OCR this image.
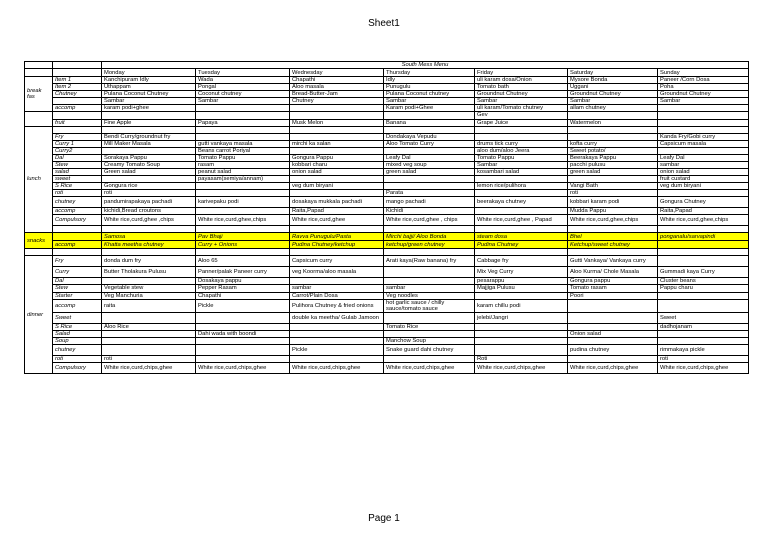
Sheet1
		South Mess Menu						
		Monday	Tuesday	Wednesday	Thursday	Friday	Saturday	Sunday
break fas	Item 1	Kanchipuram Idly	Wada	Chapathi	Idly	uli karam dosa/Onion	Mysore Bonda	Paneer /Corn Dosa
	Item 2	Uthappam	Pongal	Aloo masala	Punugulu	Tomato bath	Uggani	Poha
	Chutney	Pulana Coconut Chutney	Coconut chutney	Bread-Butter-Jam	Pulana Coconut chutney	Groundnut Chutney	Groundnut Chutney	Groundnut Chutney
		Sambar	Sambar	Chutney	Sambar	Sambar	Sambar	Sambar
	accomp	karam podi+ghee			Karam podi+Ghee	uli karam/Tomato chutney	allam chutney	
						Gev		
	fruit	Fine Apple	Papaya	Musk Melon	Banana	Grape Juice	Watermelon	
lunch								
	Fry	Bendi Curry/groundnut fry			Dondakaya Vepudu			Kanda Fry/Gobi curry
	Curry 1	Mill Maker Masala	gutti vankaya masala	mirchi ka salan	Aloo Tomato Curry	drums tick curry	kofta curry	Capsicum masala
	Curry2		Beans carrot Poriyal			aloo dum/aloo Jeera	Sweet potato/	
	Dal	Sorakaya Pappu	Tomato Pappu	Gongura Pappu	Leafy Dal	Tomato Pappu	Beerakaya Pappu	Leafy Dal
	Stew	Creamy Tomato Soup	rasam	kobbari charu	mixed veg soup	Sambar	pacchi pulusu	sambar
	salad	Green salad	peanut salad	onion salad	green salad	kosambari salad	green salad	onion salad
	sweet		payasam(semiya/annam)					fruit custard
	S Rice	Gongura rice		veg dum biryani		lemon rice/pulihora	Vangi Bath	veg dum biryani
	roti	roti			Parata		roti	
	chutney	pandumirapakaya pachadi	karivepaku podi	dosakaya mukkala pachadi	mango pachadi	beerakaya chutney	kobbari karam podi	Gongura Chutney
	accomp	kichidi,Bread croutons		Raita,Papad	Kichidi		Mudda Pappu	Raita,Papad
	Compulsory	White rice,curd,ghee ,chips	White rice,curd,ghee,chips	White rice,curd,ghee	White rice,curd,ghee , chips	White rice,curd,ghee , Papad	White rice,curd,ghee,chips	White rice,curd,ghee,chips

snacks		Samosa	Pav Bhaji	Ravva Punugulu/Pasta	Mirchi bajji/ Aloo Bonda	steam dosa	Bhel	ponganalu/sarvapindi
	accomp	Khatta meetha chutney	Curry + Onions	Pudina Chutney/ketchup	ketchup/green chutney	Pudina Chutney	Ketchup/sweet chutney	

dinner	Fry	donda dum fry	Aloo 65	Capsicum curry	Arati kaya(Raw banana) fry	Cabbage fry	Gutti Vankaya/ Vankaya curry	
	Curry	Butter Tholakura Pulusu	Panner/palak Paneer curry	veg Koorma/aloo masala		Mix Veg Curry	Aloo Kurma/ Chole Masala	Gummadi kaya Curry
	Dal		Dosakaya pappu			pesarappu	Gongura pappu	Cluster beans
	Stew	Vegetable stew	Pepper Rasam	sambar	sambar	Majjiga Pulusu	Tomato rasam	Pappu charu
	Starter	Veg Manchuria	Chapathi	Carrot/Plain Dosa	Veg noodles		Poori	
	accomp	raita	Pickle	Pulihora Chutney & fried onions	hot garlic sauce / chilly sauce/tomato sauce	karam chillu podi		
	Sweet			double ka meetha/ Gulab Jamoon		jelebi/Jangri		Sweet
	S Rice	Aloo Rice			Tomato Rice			dadhojanam
	Salad		Dahi wada with boondi				Onion salad	
	Soup				Manchow Soup			
	chutney			Pickle	Snake guard dahi chutney		pudina chutney	rimmakaya pickle
	roti	roti				Roti		roti
	Compulsory	White rice,curd,chips,ghee	White rice,curd,chips,ghee	White rice,curd,chips,ghee	White rice,curd,chips,ghee	White rice,curd,chips,ghee	White rice,curd,chips,ghee	White rice,curd,chips,ghee
Page 1
